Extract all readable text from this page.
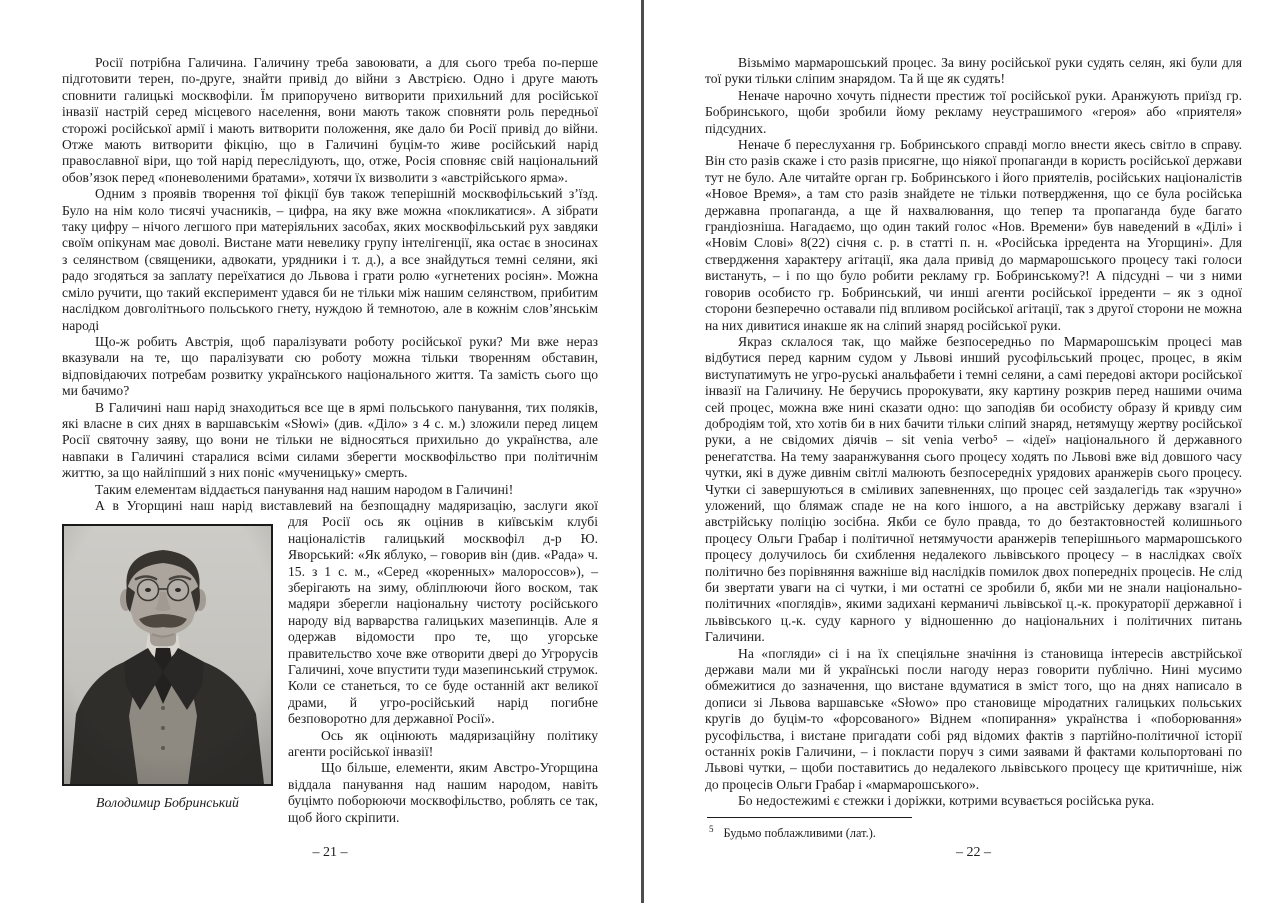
Росії потрібна Галичина. Галичину треба завоювати, а для сього треба по-перше підготовити терен, по-друге, знайти привід до війни з Австрією. Одно і друге мають сповнити галицькі москвофіли. Їм припоручено витворити прихильний для російської інвазії настрій серед місцевого населення, вони мають також сповняти роль передньої сторожі російської армії і мають витворити положення, яке дало би Росії привід до війни. Отже мають витворити фікцію, що в Галичині буцім-то живе російський нарід православної віри, що той нарід переслідують, що, отже, Росія сповняє свій національний обов’язок перед «поневоленими братами», хотячи їх визволити з «австрійського ярма».

Одним з проявів творення тої фікції був також теперішній москвофільський з’їзд. Було на нім коло тисячі учасників, – цифра, на яку вже можна «покликатися». А зібрати таку цифру – нічого легшого при матеріяльних засобах, яких москвофільський рух завдяки своїм опікунам має доволі. Вистане мати невелику групу інтелігенції, яка остає в зносинах з селянством (священики, адвокати, урядники і т. д.), а все знайдуться темні селяни, які радо згодяться за заплату переїхатися до Львова і грати ролю «угнетених росіян». Можна сміло ручити, що такий експеримент удався би не тільки між нашим селянством, прибитим наслідком довголітнього польського гнету, нуждою й темнотою, але в кожнім слов’янськім народі

Що-ж робить Австрія, щоб паралізувати роботу російської руки? Ми вже нераз вказували на те, що паралізувати сю роботу можна тільки творенням обставин, відповідаючих потребам розвитку українського національного життя. Та замість сього що ми бачимо?

В Галичині наш нарід знаходиться все ще в ярмі польського панування, тих поляків, які власне в сих днях в варшавськім «Słowi» (див. «Діло» з 4 с. м.) зложили перед лицем Росії святочну заяву, що вони не тільки не відносяться прихильно до українства, але навпаки в Галичині старалися всіми силами зберегти москвофільство при політичнім життю, за що найліпший з них поніс «мученицьку» смерть.

Таким елементам віддається панування над нашим народом в Галичині!

А в Угорщині наш нарід виставлевий на безпощадну мадяризацію, заслуги якої

Володимир Бобринський

для Росії ось як оцінив в київськім клубі націоналістів галицький москвофіл д-р Ю. Яворський: «Як яблуко, – говорив він (див. «Рада» ч. 15. з 1 с. м., «Серед «коренных» малороссов»), – зберігають на зиму, обліплюючи його воском, так мадяри зберегли національну чистоту російського народу від варварства галицьких мазепинців. Але я одержав відомости про те, що угорське правительство хоче вже отворити двері до Угрорусів Галичині, хоче впустити туди мазепинський струмок. Коли се станеться, то се буде останній акт великої драми, й угро-російський нарід погибне безповоротно для державної Росії».

Ось як оцінюють мадяризаційну політику агенти російської інвазії!

Що більше, елементи, яким Австро-Угорщина віддала панування над нашим народом, навіть буцімто поборюючи москвофільство, роблять се так, щоб його скріпити.

– 21 –

Візьмімо мармарошський процес. За вину російської руки судять селян, які були для тої руки тільки сліпим знарядом. Та й ще як судять!

Неначе нарочно хочуть піднести престиж тої російської руки. Аранжують приїзд гр. Бобринського, щоби зробили йому рекламу неустрашимого «героя» або «приятеля» підсудних.

Неначе б переслухання гр. Бобринського справді могло внести якесь світло в справу. Він сто разів скаже і сто разів присягне, що ніякої пропаганди в користь російської держави тут не було. Але читайте орган гр. Бобринського і його приятелів, російських націоналістів «Новое Время», а там сто разів знайдете не тільки потвердження, що се була російська державна пропаганда, а ще й нахвалювання, що тепер та пропаганда буде багато грандіозніша. Нагадаємо, що один такий голос «Нов. Времени» був наведений в «Ділі» і «Новім Слові» 8(22) січня с. р. в статті п. н. «Російська ірредента на Угорщині». Для ствердження характеру агітації, яка дала привід до мармарошського процесу такі голоси вистануть, – і по що було робити рекламу гр. Бобринському?! А підсудні – чи з ними говорив особисто гр. Бобринський, чи инші агенти російської ірреденти – як з одної сторони безперечно оставали під впливом російської агітації, так з другої сторони не можна на них дивитися инакше як на сліпий знаряд російської руки.

Якраз склалося так, що майже безпосередньо по Мармарошськім процесі мав відбутися перед карним судом у Львові инший русофільський процес, процес, в якім виступатимуть не угро-руські анальфабети і темні селяни, а самі передові актори російської інвазії на Галичину. Не беручись пророкувати, яку картину розкрив перед нашими очима сей процес, можна вже нині сказати одно: що заподіяв би особисту образу й кривду сим добродіям той, хто хотів би в них бачити тільки сліпий знаряд, нетямущу жертву російської руки, а не свідомих діячів – sit venia verbo⁵ – «ідеї» національного й державного ренегатства. На тему зааранжування сього процесу ходять по Львові вже від довшого часу чутки, які в дуже дивнім світлі малюють безпосередніх урядових аранжерів сього процесу. Чутки сі завершуються в сміливих запевненнях, що процес сей заздалегідь так «зручно» уложений, що блямаж спаде не на кого іншого, а на австрійську державу взагалі і австрійську поліцію зосібна. Якби се було правда, то до безтактовностей колишнього процесу Ольги Грабар і політичної нетямучости аранжерів теперішнього мармарошського процесу долучилось би схиблення недалекого львівського процесу – в наслідках своїх політично без порівняння важніше від наслідків помилок двох попередніх процесів. Не слід би звертати уваги на сі чутки, і ми остатні се зробили б, якби ми не знали національно-політичних «поглядів», якими задихані керманичі львівської ц.-к. прокураторії державної і львівського ц.-к. суду карного у відношенню до національних і політичних питань Галичини.

На «погляди» сі і на їх спеціяльне значіння із становища інтересів австрійської держави мали ми й українські посли нагоду нераз говорити публічно. Нині мусимо обмежитися до зазначення, що вистане вдуматися в зміст того, що на днях написало в дописи зі Львова варшавське «Słowo» про становище міродатних галицьких польських кругів до буцім-то «форсованого» Віднем «попирання» українства і «поборювання» русофільства, і вистане пригадати собі ряд відомих фактів з партійно-політичної історії останніх років Галичини, – і покласти поруч з сими заявами й фактами кольпортовані по Львові чутки, – щоби поставитись до недалекого львівського процесу ще критичніше, ніж до процесів Ольги Грабар і «мармарошського».

Бо недостежимі є стежки і доріжки, котрими всувається російська рука.

$^5$ Будьмо поблажливими (лат.).

– 22 –
